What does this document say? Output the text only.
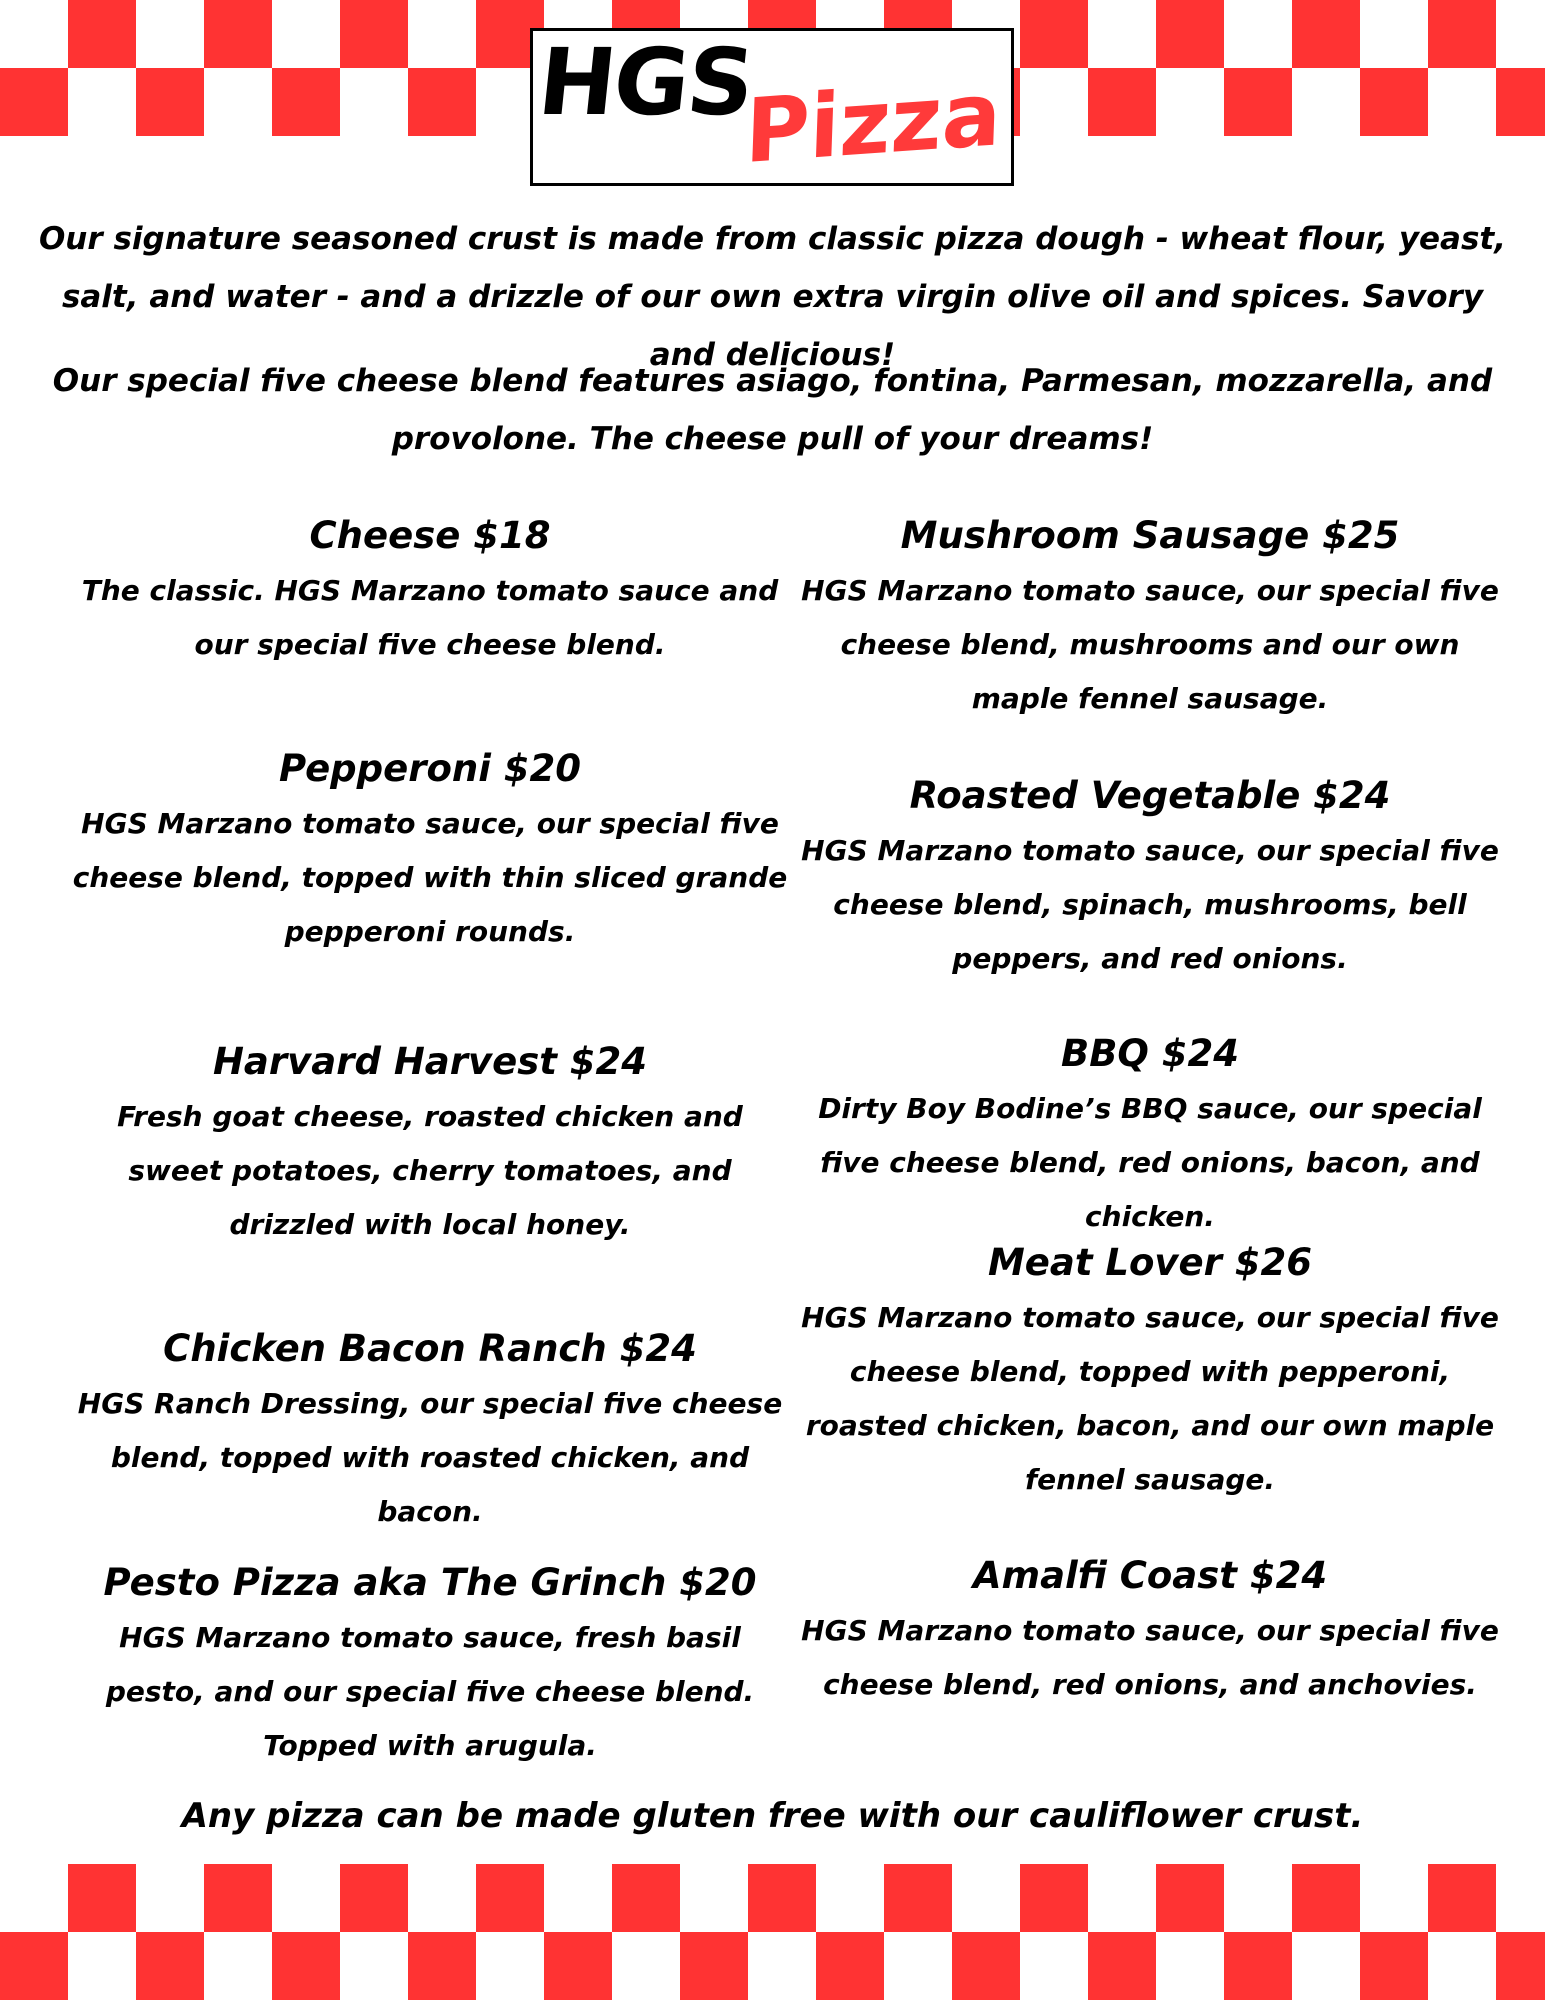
HGS
Pizza
Our signature seasoned crust is made from classic pizza dough - wheat flour, yeast, salt, and water - and a drizzle of our own extra virgin olive oil and spices. Savory and delicious!
Our special five cheese blend features asiago, fontina, Parmesan, mozzarella, and provolone. The cheese pull of your dreams!
Cheese $18

The classic. HGS Marzano tomato sauce and our special five cheese blend.

Pepperoni $20

HGS Marzano tomato sauce, our special five cheese blend, topped with thin sliced grande pepperoni rounds.

Harvard Harvest $24

Fresh goat cheese, roasted chicken and sweet potatoes, cherry tomatoes, and drizzled with local honey.

Chicken Bacon Ranch $24

HGS Ranch Dressing, our special five cheese blend, topped with roasted chicken, and bacon.

Pesto Pizza aka The Grinch $20

HGS Marzano tomato sauce, fresh basil pesto, and our special five cheese blend. Topped with arugula.

Mushroom Sausage $25

HGS Marzano tomato sauce, our special five cheese blend, mushrooms and our own maple fennel sausage.

Roasted Vegetable $24

HGS Marzano tomato sauce, our special five cheese blend, spinach, mushrooms, bell peppers, and red onions.

BBQ $24

Dirty Boy Bodine’s BBQ sauce, our special five cheese blend, red onions, bacon, and chicken.

Meat Lover $26

HGS Marzano tomato sauce, our special five cheese blend, topped with pepperoni, roasted chicken, bacon, and our own maple fennel sausage.

Amalfi Coast $24

HGS Marzano tomato sauce, our special five cheese blend, red onions, and anchovies.

Any pizza can be made gluten free with our cauliflower crust.
